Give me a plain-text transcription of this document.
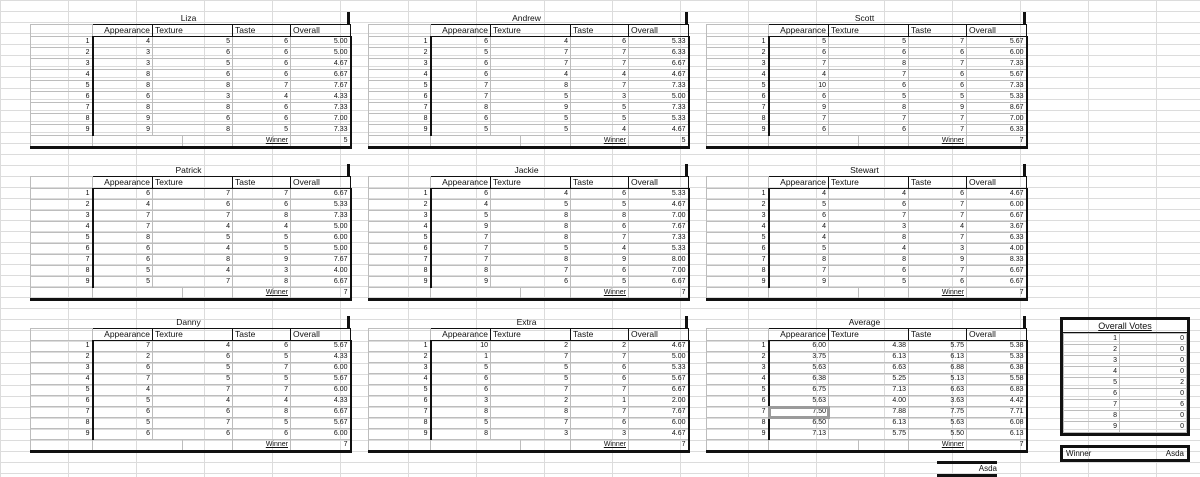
Liza
	Appearance	Texture		Taste	Overall
1	4	5		6	5.00
2	3	6		6	5.00
3	3	5		6	4.67
4	8	6		6	6.67
5	8	8		7	7.67
6	6	3		4	4.33
7	8	8		6	7.33
8	9	6		6	7.00
9	9	8		5	7.33
				Winner	5
Andrew
	Appearance	Texture		Taste	Overall
1	6	4		6	5.33
2	5	7		7	6.33
3	6	7		7	6.67
4	6	4		4	4.67
5	7	8		7	7.33
6	7	5		3	5.00
7	8	9		5	7.33
8	6	5		5	5.33
9	5	5		4	4.67
				Winner	5
Scott
	Appearance	Texture		Taste	Overall
1	5	5		7	5.67
2	6	6		6	6.00
3	7	8		7	7.33
4	4	7		6	5.67
5	10	6		6	7.33
6	6	5		5	5.33
7	9	8		9	8.67
8	7	7		7	7.00
9	6	6		7	6.33
				Winner	7
Patrick
	Appearance	Texture		Taste	Overall
1	6	7		7	6.67
2	4	6		6	5.33
3	7	7		8	7.33
4	7	4		4	5.00
5	8	5		5	6.00
6	6	4		5	5.00
7	6	8		9	7.67
8	5	4		3	4.00
9	5	7		8	6.67
				Winner	7
Jackie
	Appearance	Texture		Taste	Overall
1	6	4		6	5.33
2	4	5		5	4.67
3	5	8		8	7.00
4	9	8		6	7.67
5	7	8		7	7.33
6	7	5		4	5.33
7	7	8		9	8.00
8	8	7		6	7.00
9	9	6		5	6.67
				Winner	7
Stewart
	Appearance	Texture		Taste	Overall
1	4	4		6	4.67
2	5	6		7	6.00
3	6	7		7	6.67
4	4	3		4	3.67
5	4	8		7	6.33
6	5	4		3	4.00
7	8	8		9	8.33
8	7	6		7	6.67
9	9	5		6	6.67
				Winner	7
Danny
	Appearance	Texture		Taste	Overall
1	7	4		6	5.67
2	2	6		5	4.33
3	6	5		7	6.00
4	7	5		5	5.67
5	4	7		7	6.00
6	5	4		4	4.33
7	6	6		8	6.67
8	5	7		5	5.67
9	6	6		6	6.00
				Winner	7
Extra
	Appearance	Texture		Taste	Overall
1	10	2		2	4.67
2	1	7		7	5.00
3	5	5		6	5.33
4	6	5		6	5.67
5	6	7		7	6.67
6	3	2		1	2.00
7	8	8		7	7.67
8	5	7		6	6.00
9	8	3		3	4.67
				Winner	7
Average
	Appearance	Texture		Taste	Overall
1	6.00	4.38		5.75	5.38
2	3.75	6.13		6.13	5.33
3	5.63	6.63		6.88	6.38
4	6.38	5.25		5.13	5.58
5	6.75	7.13		6.63	6.83
6	5.63	4.00		3.63	4.42
7	7.50	7.88		7.75	7.71
8	6.50	6.13		5.63	6.08
9	7.13	5.75		5.50	6.13
				Winner	7
Asda
Overall Votes
1	0
2	0
3	0
4	0
5	2
6	0
7	6
8	0
9	0
Winner	Asda
